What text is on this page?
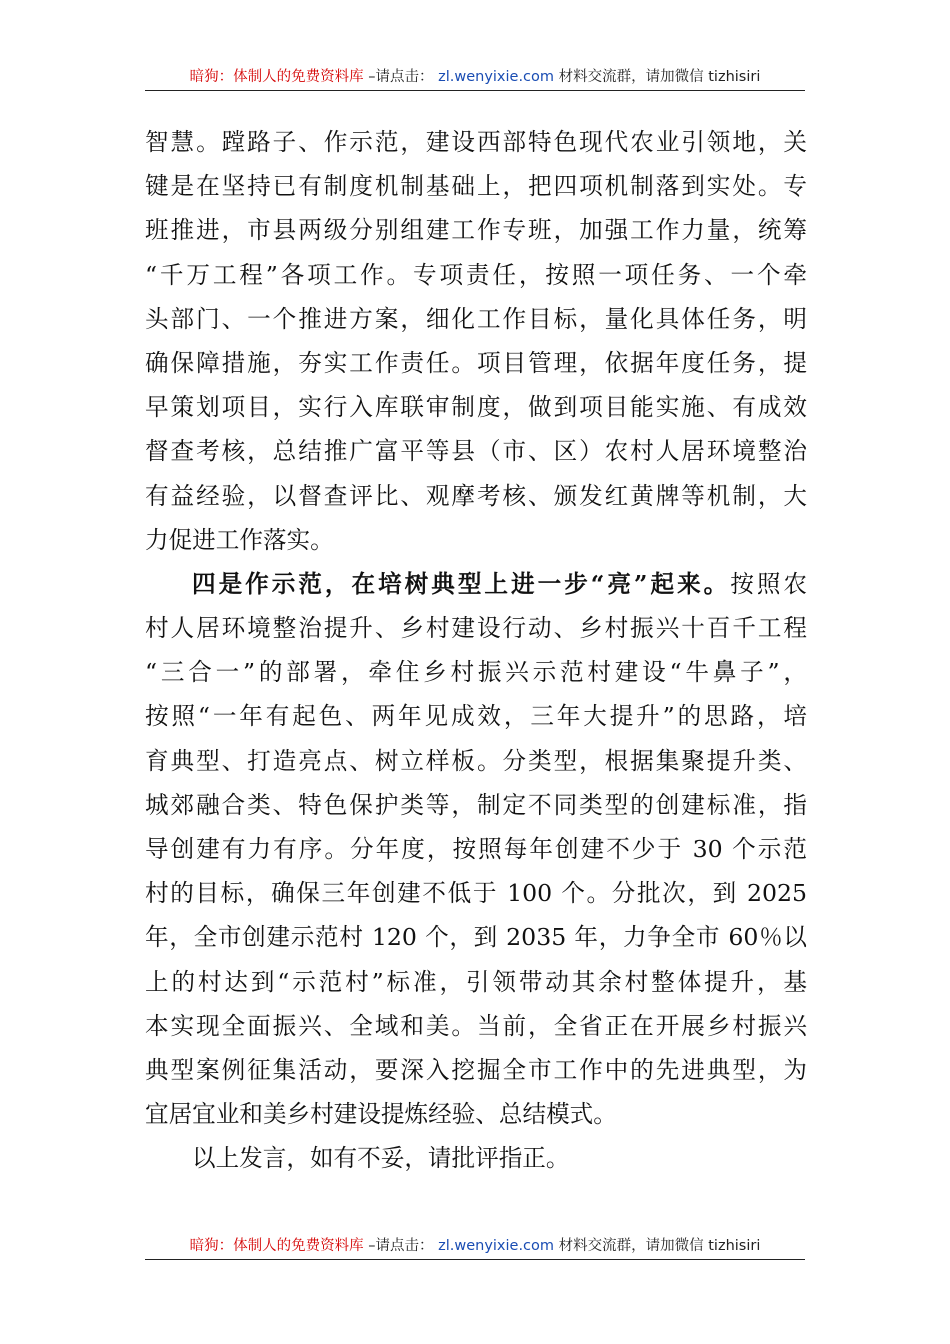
暗狗：体制人的免费资料库 –请点击： zl.wenyixie.com 材料交流群，请加微信 tizhisiri
智慧。蹚路子、作示范，建设西部特色现代农业引领地，关
键是在坚持已有制度机制基础上，把四项机制落到实处。专
班推进，市县两级分别组建工作专班，加强工作力量，统筹
“千万工程”各项工作。专项责任，按照一项任务、一个牵
头部门、一个推进方案，细化工作目标，量化具体任务，明
确保障措施，夯实工作责任。项目管理，依据年度任务，提
早策划项目，实行入库联审制度，做到项目能实施、有成效
督查考核，总结推广富平等县（市、区）农村人居环境整治
有益经验，以督查评比、观摩考核、颁发红黄牌等机制，大
力促进工作落实。
四是作示范，在培树典型上进一步“亮”起来。按照农
村人居环境整治提升、乡村建设行动、乡村振兴十百千工程
“三合一”的部署，牵住乡村振兴示范村建设“牛鼻子”，
按照“一年有起色、两年见成效，三年大提升”的思路，培
育典型、打造亮点、树立样板。分类型，根据集聚提升类、
城郊融合类、特色保护类等，制定不同类型的创建标准，指
导创建有力有序。分年度，按照每年创建不少于 30 个示范
村的目标，确保三年创建不低于 100 个。分批次，到 2025
年，全市创建示范村 120 个，到 2035 年，力争全市 60％以
上的村达到“示范村”标准，引领带动其余村整体提升，基
本实现全面振兴、全域和美。当前，全省正在开展乡村振兴
典型案例征集活动，要深入挖掘全市工作中的先进典型，为
宜居宜业和美乡村建设提炼经验、总结模式。
以上发言，如有不妥，请批评指正。
暗狗：体制人的免费资料库 –请点击： zl.wenyixie.com 材料交流群，请加微信 tizhisiri
